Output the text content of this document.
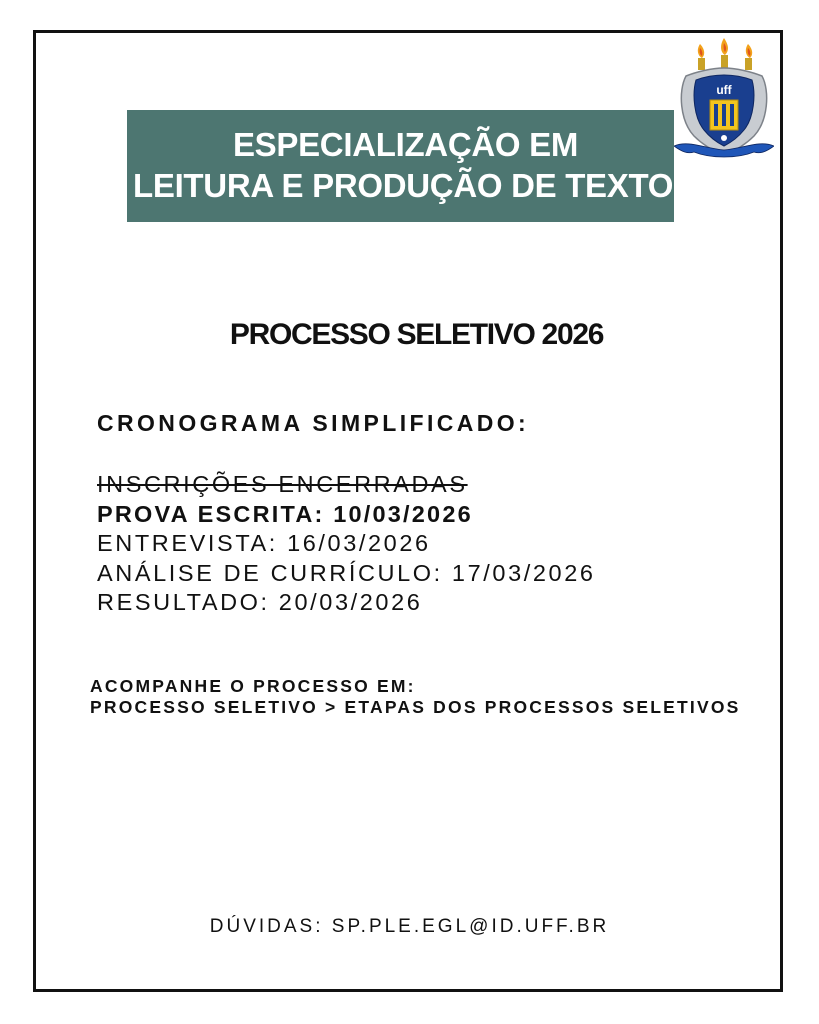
ESPECIALIZAÇÃO EM
LEITURA E PRODUÇÃO DE TEXTOS
uff
PROCESSO SELETIVO 2026
CRONOGRAMA SIMPLIFICADO:
INSCRIÇÕES ENCERRADAS
PROVA ESCRITA: 10/03/2026
ENTREVISTA: 16/03/2026
ANÁLISE DE CURRÍCULO: 17/03/2026
RESULTADO: 20/03/2026
ACOMPANHE O PROCESSO EM:
PROCESSO SELETIVO > ETAPAS DOS PROCESSOS SELETIVOS
DÚVIDAS: SP.PLE.EGL@ID.UFF.BR
